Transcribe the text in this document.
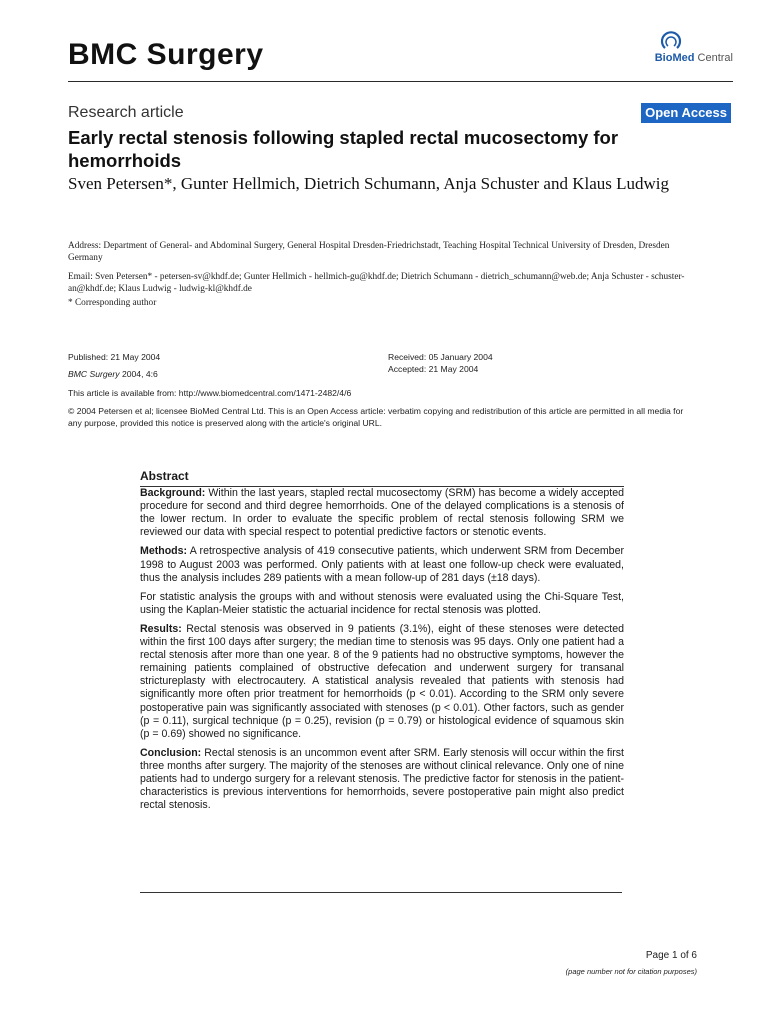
BMC Surgery	BioMed Central
Research article	Open Access
Early rectal stenosis following stapled rectal mucosectomy for hemorrhoids
Sven Petersen*, Gunter Hellmich, Dietrich Schumann, Anja Schuster and Klaus Ludwig
Address: Department of General- and Abdominal Surgery, General Hospital Dresden-Friedrichstadt, Teaching Hospital Technical University of Dresden, Dresden Germany
Email: Sven Petersen* - petersen-sv@khdf.de; Gunter Hellmich - hellmich-gu@khdf.de; Dietrich Schumann - dietrich_schumann@web.de; Anja Schuster - schuster-an@khdf.de; Klaus Ludwig - ludwig-kl@khdf.de
* Corresponding author
Published: 21 May 2004
BMC Surgery 2004, 4:6
Received: 05 January 2004
Accepted: 21 May 2004
This article is available from: http://www.biomedcentral.com/1471-2482/4/6
© 2004 Petersen et al; licensee BioMed Central Ltd. This is an Open Access article: verbatim copying and redistribution of this article are permitted in all media for any purpose, provided this notice is preserved along with the article's original URL.
Abstract

Background: Within the last years, stapled rectal mucosectomy (SRM) has become a widely accepted procedure for second and third degree hemorrhoids. One of the delayed complications is a stenosis of the lower rectum. In order to evaluate the specific problem of rectal stenosis following SRM we reviewed our data with special respect to potential predictive factors or stenotic events.

Methods: A retrospective analysis of 419 consecutive patients, which underwent SRM from December 1998 to August 2003 was performed. Only patients with at least one follow-up check were evaluated, thus the analysis includes 289 patients with a mean follow-up of 281 days (±18 days).

For statistic analysis the groups with and without stenosis were evaluated using the Chi-Square Test, using the Kaplan-Meier statistic the actuarial incidence for rectal stenosis was plotted.

Results: Rectal stenosis was observed in 9 patients (3.1%), eight of these stenoses were detected within the first 100 days after surgery; the median time to stenosis was 95 days. Only one patient had a rectal stenosis after more than one year. 8 of the 9 patients had no obstructive symptoms, however the remaining patients complained of obstructive defecation and underwent surgery for transanal strictureplasty with electrocautery. A statistical analysis revealed that patients with stenosis had significantly more often prior treatment for hemorrhoids (p < 0.01). According to the SRM only severe postoperative pain was significantly associated with stenoses (p < 0.01). Other factors, such as gender (p = 0.11), surgical technique (p = 0.25), revision (p = 0.79) or histological evidence of squamous skin (p = 0.69) showed no significance.

Conclusion: Rectal stenosis is an uncommon event after SRM. Early stenosis will occur within the first three months after surgery. The majority of the stenoses are without clinical relevance. Only one of nine patients had to undergo surgery for a relevant stenosis. The predictive factor for stenosis in the patient-characteristics is previous interventions for hemorrhoids, severe postoperative pain might also predict rectal stenosis.

Page 1 of 6
(page number not for citation purposes)
